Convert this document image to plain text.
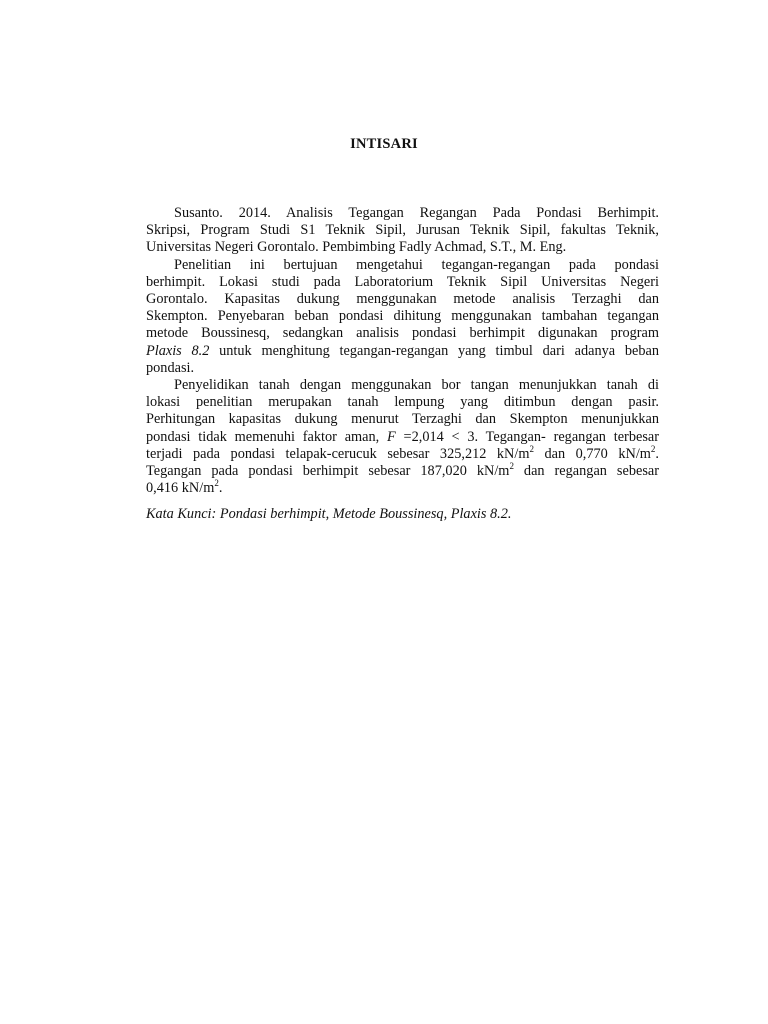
INTISARI
Susanto. 2014. Analisis Tegangan Regangan Pada Pondasi Berhimpit.
Skripsi, Program Studi S1 Teknik Sipil, Jurusan Teknik Sipil, fakultas Teknik,
Universitas Negeri Gorontalo. Pembimbing Fadly Achmad, S.T., M. Eng.
Penelitian ini bertujuan mengetahui tegangan-regangan pada pondasi
berhimpit. Lokasi studi pada Laboratorium Teknik Sipil Universitas Negeri
Gorontalo. Kapasitas dukung menggunakan metode analisis Terzaghi dan
Skempton. Penyebaran beban pondasi dihitung menggunakan tambahan tegangan
metode Boussinesq, sedangkan analisis pondasi berhimpit digunakan program
Plaxis 8.2 untuk menghitung tegangan-regangan yang timbul dari adanya beban
pondasi.
Penyelidikan tanah dengan menggunakan bor tangan menunjukkan tanah di
lokasi penelitian merupakan tanah lempung yang ditimbun dengan pasir.
Perhitungan kapasitas dukung menurut Terzaghi dan Skempton menunjukkan
pondasi tidak memenuhi faktor aman, F =2,014 < 3. Tegangan- regangan terbesar
terjadi pada pondasi telapak-cerucuk sebesar 325,212 $kN/m^2$ dan 0,770 $kN/m^2$.
Tegangan pada pondasi berhimpit sebesar 187,020 $kN/m^2$ dan regangan sebesar
0,416 $kN/m^2$.
Kata Kunci: Pondasi berhimpit, Metode Boussinesq, Plaxis 8.2.
